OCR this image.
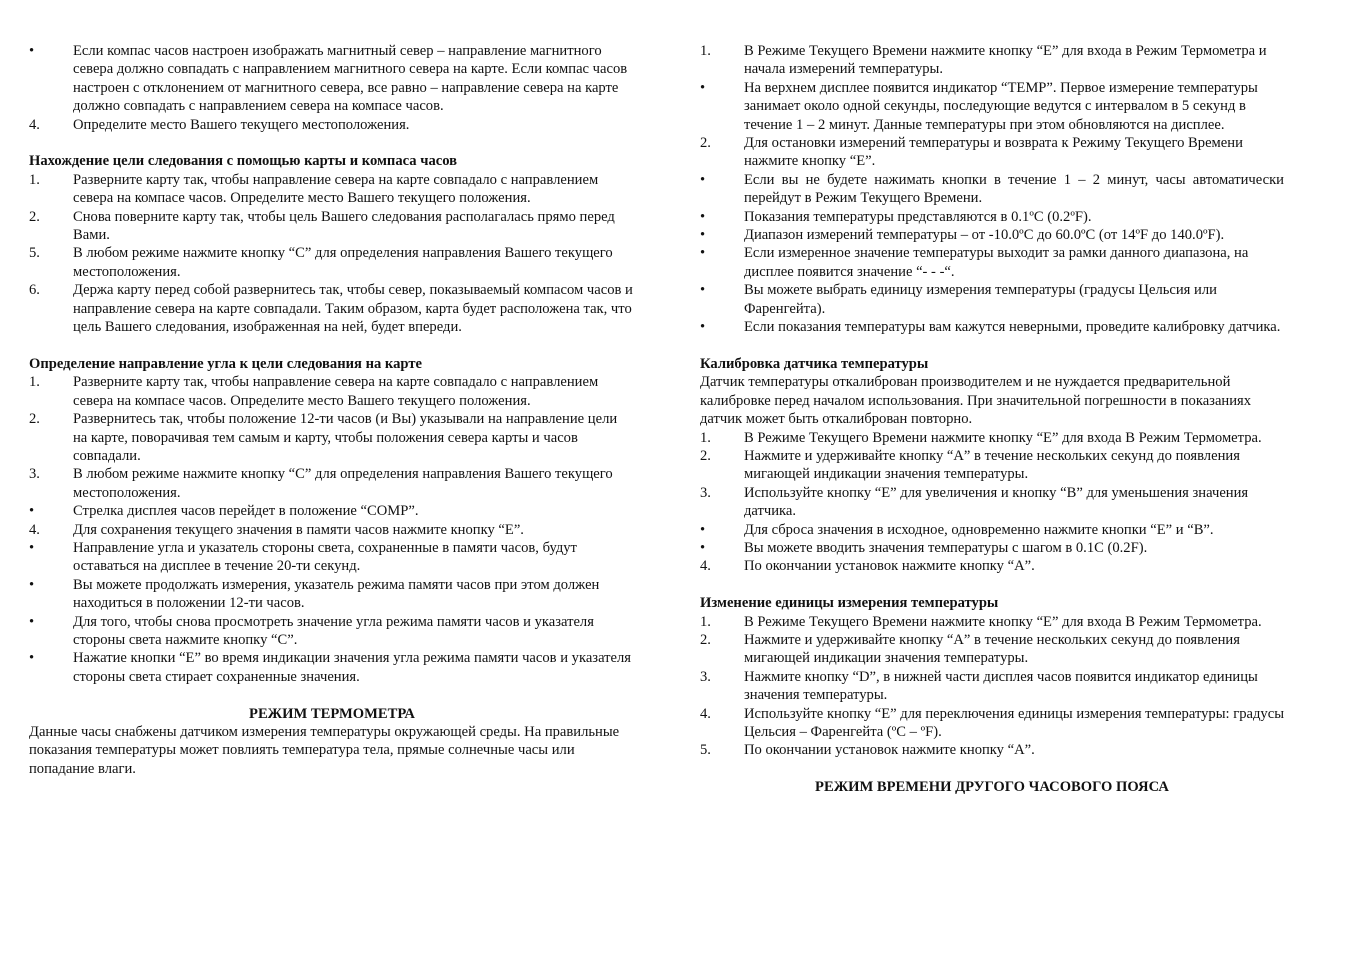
•	Если компас часов настроен изображать магнитный север – направление магнитного севера должно совпадать с направлением магнитного севера на карте. Если компас часов настроен с отклонением от магнитного севера, все равно – направление севера на карте должно совпадать с направлением севера на компасе часов.
4.	Определите место Вашего текущего местоположения.
Нахождение цели следования с помощью карты и компаса часов
1.	Разверните карту так, чтобы направление севера на карте совпадало с направлением севера на компасе часов. Определите место Вашего текущего положения.
2.	Снова поверните карту так, чтобы цель Вашего следования располагалась прямо перед Вами.
5.	В любом режиме нажмите кнопку “C” для определения направления Вашего текущего местоположения.
6.	Держа карту перед собой развернитесь так, чтобы север, показываемый компасом часов и направление севера на карте совпадали. Таким образом, карта будет расположена так, что цель Вашего следования, изображенная на ней, будет впереди.
Определение направление угла к цели следования на карте
1.	Разверните карту так, чтобы направление севера на карте совпадало с направлением севера на компасе часов. Определите место Вашего текущего положения.
2.	Развернитесь так, чтобы положение 12-ти часов (и Вы) указывали на направление цели на карте, поворачивая тем самым и карту, чтобы положения севера карты и часов совпадали.
3.	В любом режиме нажмите кнопку “C” для определения направления Вашего текущего местоположения.
•	Стрелка дисплея часов перейдет в положение “COMP”.
4.	Для сохранения текущего значения в памяти часов нажмите кнопку “E”.
•	Направление угла и указатель стороны света, сохраненные в памяти часов, будут оставаться на дисплее в течение 20-ти секунд.
•	Вы можете продолжать измерения, указатель режима памяти часов при этом должен находиться в положении 12-ти часов.
•	Для того, чтобы снова просмотреть значение угла режима памяти часов и указателя стороны света нажмите кнопку “C”.
•	Нажатие кнопки “E” во время индикации значения угла режима памяти часов и указателя стороны света стирает сохраненные значения.
РЕЖИМ ТЕРМОМЕТРА
Данные часы снабжены датчиком измерения температуры окружающей среды. На правильные показания температуры может повлиять температура тела, прямые солнечные часы или попадание влаги.
1.	В Режиме Текущего Времени нажмите кнопку “E” для входа в Режим Термометра и начала измерений температуры.
•	На верхнем дисплее появится индикатор “TEMP”. Первое измерение температуры занимает около одной секунды, последующие ведутся с интервалом в 5 секунд в течение 1 – 2 минут. Данные температуры при этом обновляются на дисплее.
2.	Для остановки измерений температуры и возврата к Режиму Текущего Времени нажмите кнопку “E”.
•	Если вы не будете нажимать кнопки в течение 1 – 2 минут, часы автоматически перейдут в Режим Текущего Времени.
•	Показания температуры представляются в 0.1ºC (0.2ºF).
•	Диапазон измерений температуры – от -10.0ºC до 60.0ºC (от 14ºF до 140.0ºF).
•	Если измеренное значение температуры выходит за рамки данного диапазона, на дисплее появится значение “- - -“.
•	Вы можете выбрать единицу измерения температуры (градусы Цельсия или Фаренгейта).
•	Если показания температуры вам кажутся неверными, проведите калибровку датчика.
Калибровка датчика температуры
Датчик температуры откалиброван производителем и не нуждается предварительной калибровке перед началом использования. При значительной погрешности в показаниях датчик может быть откалиброван повторно.
1.	В Режиме Текущего Времени нажмите кнопку “E” для входа В Режим Термометра.
2.	Нажмите и удерживайте кнопку “A” в течение нескольких секунд до появления мигающей индикации значения температуры.
3.	Используйте кнопку “E” для увеличения и кнопку “B” для уменьшения значения датчика.
•	Для сброса значения в исходное, одновременно нажмите кнопки “E” и “B”.
•	Вы можете вводить значения температуры с шагом в 0.1C (0.2F).
4.	По окончании установок нажмите кнопку “A”.
Изменение единицы измерения температуры
1.	В Режиме Текущего Времени нажмите кнопку “E” для входа В Режим Термометра.
2.	Нажмите и удерживайте кнопку “A” в течение нескольких секунд до появления мигающей индикации значения температуры.
3.	Нажмите кнопку “D”, в нижней части дисплея часов появится индикатор единицы значения температуры.
4.	Используйте кнопку “E” для переключения единицы измерения температуры: градусы Цельсия – Фаренгейта (ºC – ºF).
5.	По окончании установок нажмите кнопку “A”.
РЕЖИМ ВРЕМЕНИ ДРУГОГО ЧАСОВОГО ПОЯСА
